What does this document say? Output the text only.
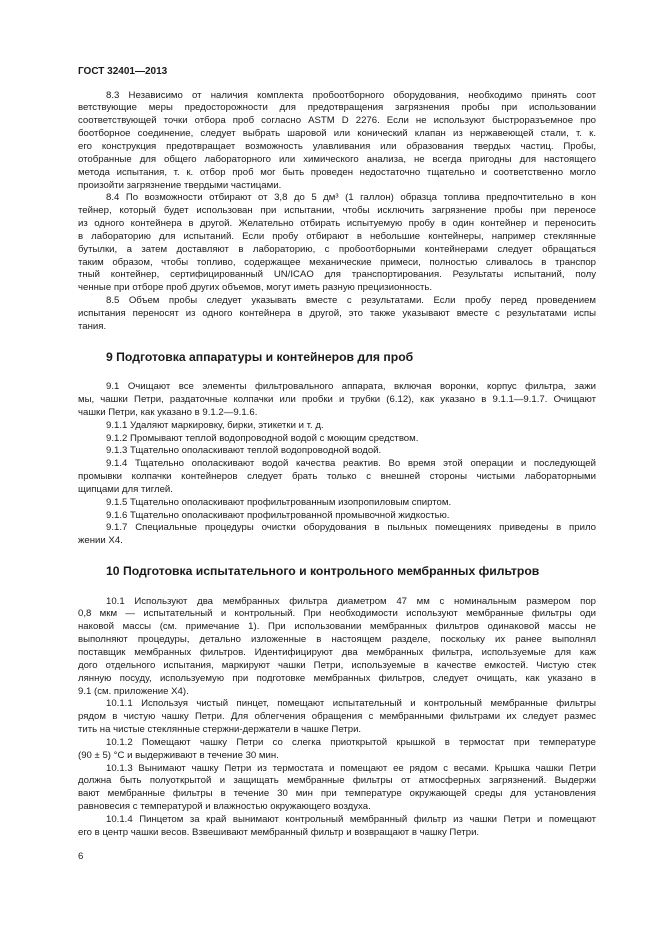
ГОСТ 32401—2013
8.3 Независимо от наличия комплекта пробоотборного оборудования, необходимо принять соот
ветствующие меры предосторожности для предотвращения загрязнения пробы при использовании
соответствующей точки отбора проб согласно ASTM D 2276. Если не используют быстроразъемное про
боотборное соединение, следует выбрать шаровой или конический клапан из нержавеющей стали, т. к.
его конструкция предотвращает возможность улавливания или образования твердых частиц. Пробы,
отобранные для общего лабораторного или химического анализа, не всегда пригодны для настоящего
метода испытания, т. к. отбор проб мог быть проведен недостаточно тщательно и соответственно могло
произойти загрязнение твердыми частицами.
8.4 По возможности отбирают от 3,8 до 5 дм³ (1 галлон) образца топлива предпочтительно в кон
тейнер, который будет использован при испытании, чтобы исключить загрязнение пробы при переносе
из одного контейнера в другой. Желательно отбирать испытуемую пробу в один контейнер и переносить
в лабораторию для испытаний. Если пробу отбирают в небольшие контейнеры, например стеклянные
бутылки, а затем доставляют в лабораторию, с пробоотборными контейнерами следует обращаться
таким образом, чтобы топливо, содержащее механические примеси, полностью сливалось в транспор
тный контейнер, сертифицированный UN/ICAO для транспортирования. Результаты испытаний, полу
ченные при отборе проб других объемов, могут иметь разную прецизионность.
8.5 Объем пробы следует указывать вместе с результатами. Если пробу перед проведением
испытания переносят из одного контейнера в другой, это также указывают вместе с результатами испы
тания.
9 Подготовка аппаратуры и контейнеров для проб
9.1 Очищают все элементы фильтровального аппарата, включая воронки, корпус фильтра, зажи
мы, чашки Петри, раздаточные колпачки или пробки и трубки (6.12), как указано в 9.1.1—9.1.7. Очищают
чашки Петри, как указано в 9.1.2—9.1.6.
9.1.1 Удаляют маркировку, бирки, этикетки и т. д.
9.1.2 Промывают теплой водопроводной водой с моющим средством.
9.1.3 Тщательно ополаскивают теплой водопроводной водой.
9.1.4 Тщательно ополаскивают водой качества реактив. Во время этой операции и последующей
промывки колпачки контейнеров следует брать только с внешней стороны чистыми лабораторными
щипцами для тиглей.
9.1.5 Тщательно ополаскивают профильтрованным изопропиловым спиртом.
9.1.6 Тщательно ополаскивают профильтрованной промывочной жидкостью.
9.1.7 Специальные процедуры очистки оборудования в пыльных помещениях приведены в прило
жении Х4.
10 Подготовка испытательного и контрольного мембранных фильтров
10.1 Используют два мембранных фильтра диаметром 47 мм с номинальным размером пор
0,8 мкм — испытательный и контрольный. При необходимости используют мембранные фильтры оди
наковой массы (см. примечание 1). При использовании мембранных фильтров одинаковой массы не
выполняют процедуры, детально изложенные в настоящем разделе, поскольку их ранее выполнял
поставщик мембранных фильтров. Идентифицируют два мембранных фильтра, используемые для каж
дого отдельного испытания, маркируют чашки Петри, используемые в качестве емкостей. Чистую стек
лянную посуду, используемую при подготовке мембранных фильтров, следует очищать, как указано в
9.1 (см. приложение Х4).
10.1.1 Используя чистый пинцет, помещают испытательный и контрольный мембранные фильтры
рядом в чистую чашку Петри. Для облегчения обращения с мембранными фильтрами их следует размес
тить на чистые стеклянные стержни-держатели в чашке Петри.
10.1.2 Помещают чашку Петри со слегка приоткрытой крышкой в термостат при температуре
(90 ± 5) °С и выдерживают в течение 30 мин.
10.1.3 Вынимают чашку Петри из термостата и помещают ее рядом с весами. Крышка чашки Петри
должна быть полуоткрытой и защищать мембранные фильтры от атмосферных загрязнений. Выдержи
вают мембранные фильтры в течение 30 мин при температуре окружающей среды для установления
равновесия с температурой и влажностью окружающего воздуха.
10.1.4 Пинцетом за край вынимают контрольный мембранный фильтр из чашки Петри и помещают
его в центр чашки весов. Взвешивают мембранный фильтр и возвращают в чашку Петри.
6
